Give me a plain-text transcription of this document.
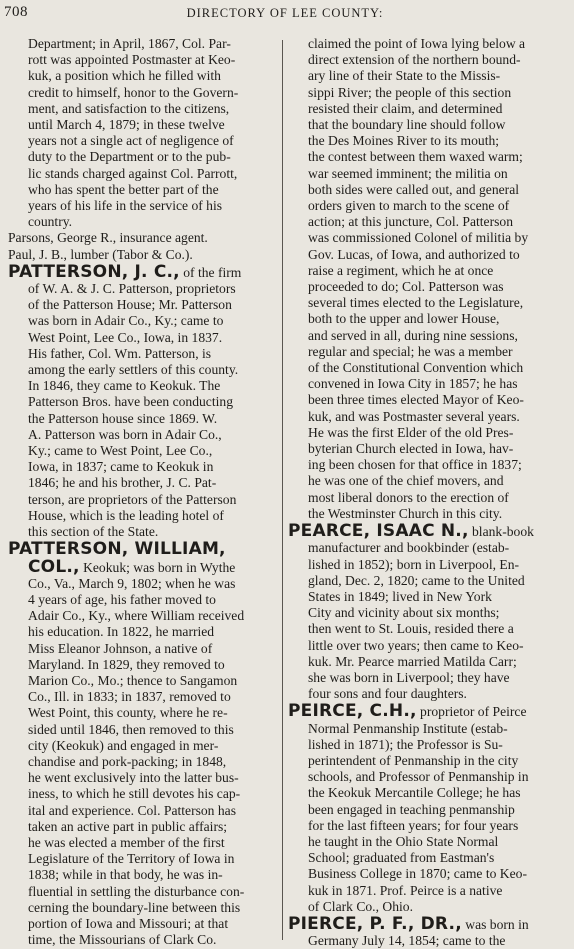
708	DIRECTORY OF LEE COUNTY:
Department; in April, 1867, Col. Par-
rott was appointed Postmaster at Keo-
kuk, a position which he filled with
credit to himself, honor to the Govern-
ment, and satisfaction to the citizens,
until March 4, 1879; in these twelve
years not a single act of negligence of
duty to the Department or to the pub-
lic stands charged against Col. Parrott,
who has spent the better part of the
years of his life in the service of his
country.
Parsons, George R., insurance agent.
Paul, J. B., lumber (Tabor & Co.).
PATTERSON, J. C., of the firm
of W. A. & J. C. Patterson, proprietors
of the Patterson House; Mr. Patterson
was born in Adair Co., Ky.; came to
West Point, Lee Co., Iowa, in 1837.
His father, Col. Wm. Patterson, is
among the early settlers of this county.
In 1846, they came to Keokuk. The
Patterson Bros. have been conducting
the Patterson house since 1869. W.
A. Patterson was born in Adair Co.,
Ky.; came to West Point, Lee Co.,
Iowa, in 1837; came to Keokuk in
1846; he and his brother, J. C. Pat-
terson, are proprietors of the Patterson
House, which is the leading hotel of
this section of the State.
PATTERSON, WILLIAM,
COL., Keokuk; was born in Wythe
Co., Va., March 9, 1802; when he was
4 years of age, his father moved to
Adair Co., Ky., where William received
his education. In 1822, he married
Miss Eleanor Johnson, a native of
Maryland. In 1829, they removed to
Marion Co., Mo.; thence to Sangamon
Co., Ill. in 1833; in 1837, removed to
West Point, this county, where he re-
sided until 1846, then removed to this
city (Keokuk) and engaged in mer-
chandise and pork-packing; in 1848,
he went exclusively into the latter bus-
iness, to which he still devotes his cap-
ital and experience. Col. Patterson has
taken an active part in public affairs;
he was elected a member of the first
Legislature of the Territory of Iowa in
1838; while in that body, he was in-
fluential in settling the disturbance con-
cerning the boundary-line between this
portion of Iowa and Missouri; at that
time, the Missourians of Clark Co.
claimed the point of Iowa lying below a
direct extension of the northern bound-
ary line of their State to the Missis-
sippi River; the people of this section
resisted their claim, and determined
that the boundary line should follow
the Des Moines River to its mouth;
the contest between them waxed warm;
war seemed imminent; the militia on
both sides were called out, and general
orders given to march to the scene of
action; at this juncture, Col. Patterson
was commissioned Colonel of militia by
Gov. Lucas, of Iowa, and authorized to
raise a regiment, which he at once
proceeded to do; Col. Patterson was
several times elected to the Legislature,
both to the upper and lower House,
and served in all, during nine sessions,
regular and special; he was a member
of the Constitutional Convention which
convened in Iowa City in 1857; he has
been three times elected Mayor of Keo-
kuk, and was Postmaster several years.
He was the first Elder of the old Pres-
byterian Church elected in Iowa, hav-
ing been chosen for that office in 1837;
he was one of the chief movers, and
most liberal donors to the erection of
the Westminster Church in this city.
PEARCE, ISAAC N., blank-book
manufacturer and bookbinder (estab-
lished in 1852); born in Liverpool, En-
gland, Dec. 2, 1820; came to the United
States in 1849; lived in New York
City and vicinity about six months;
then went to St. Louis, resided there a
little over two years; then came to Keo-
kuk. Mr. Pearce married Matilda Carr;
she was born in Liverpool; they have
four sons and four daughters.
PEIRCE, C.H., proprietor of Peirce
Normal Penmanship Institute (estab-
lished in 1871); the Professor is Su-
perintendent of Penmanship in the city
schools, and Professor of Penmanship in
the Keokuk Mercantile College; he has
been engaged in teaching penmanship
for the last fifteen years; for four years
he taught in the Ohio State Normal
School; graduated from Eastman's
Business College in 1870; came to Keo-
kuk in 1871. Prof. Peirce is a native
of Clark Co., Ohio.
PIERCE, P. F., DR., was born in
Germany July 14, 1854; came to the
